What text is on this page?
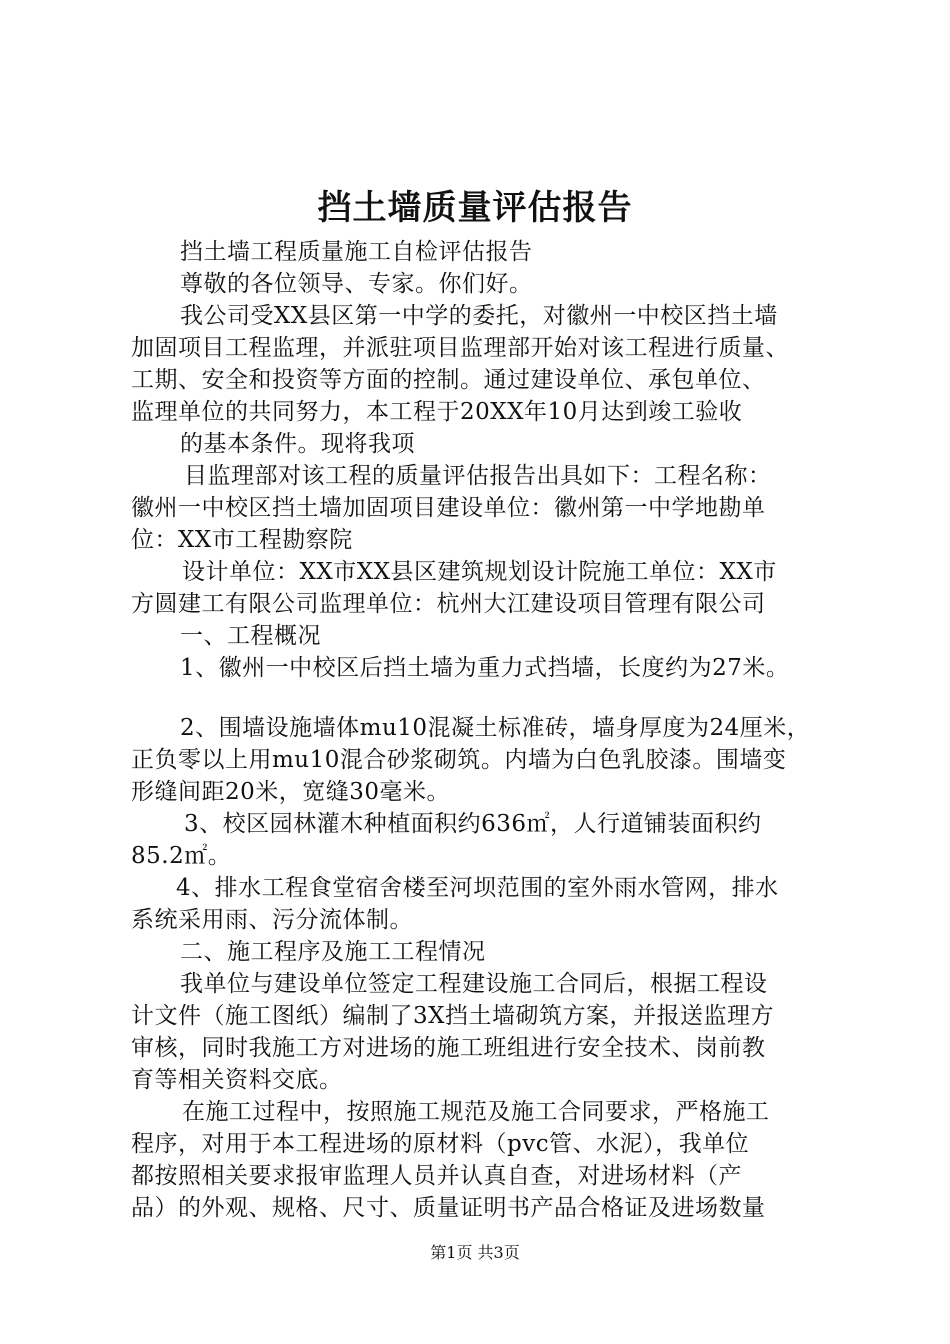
挡土墙质量评估报告
挡土墙工程质量施工自检评估报告
尊敬的各位领导、专家。你们好。
我公司受XX县区第一中学的委托，对徽州一中校区挡土墙
加固项目工程监理，并派驻项目监理部开始对该工程进行质量、
工期、安全和投资等方面的控制。通过建设单位、承包单位、
监理单位的共同努力，本工程于20XX年10月达到竣工验收
的基本条件。现将我项
目监理部对该工程的质量评估报告出具如下：工程名称：
徽州一中校区挡土墙加固项目建设单位：徽州第一中学地勘单
位：XX市工程勘察院
设计单位：XX市XX县区建筑规划设计院施工单位：XX市
方圆建工有限公司监理单位：杭州大江建设项目管理有限公司
一、工程概况
1、徽州一中校区后挡土墙为重力式挡墙，长度约为27米。
2、围墙设施墙体mu10混凝土标准砖，墙身厚度为24厘米，
正负零以上用mu10混合砂浆砌筑。内墙为白色乳胶漆。围墙变
形缝间距20米，宽缝30毫米。
3、校区园林灌木种植面积约636㎡，人行道铺装面积约
85.2㎡。
4、排水工程食堂宿舍楼至河坝范围的室外雨水管网，排水
系统采用雨、污分流体制。
二、施工程序及施工工程情况
我单位与建设单位签定工程建设施工合同后，根据工程设
计文件（施工图纸）编制了3X挡土墙砌筑方案，并报送监理方
审核，同时我施工方对进场的施工班组进行安全技术、岗前教
育等相关资料交底。
在施工过程中，按照施工规范及施工合同要求，严格施工
程序，对用于本工程进场的原材料（pvc管、水泥），我单位
都按照相关要求报审监理人员并认真自查，对进场材料（产
品）的外观、规格、尺寸、质量证明书产品合格证及进场数量
第1页 共3页
